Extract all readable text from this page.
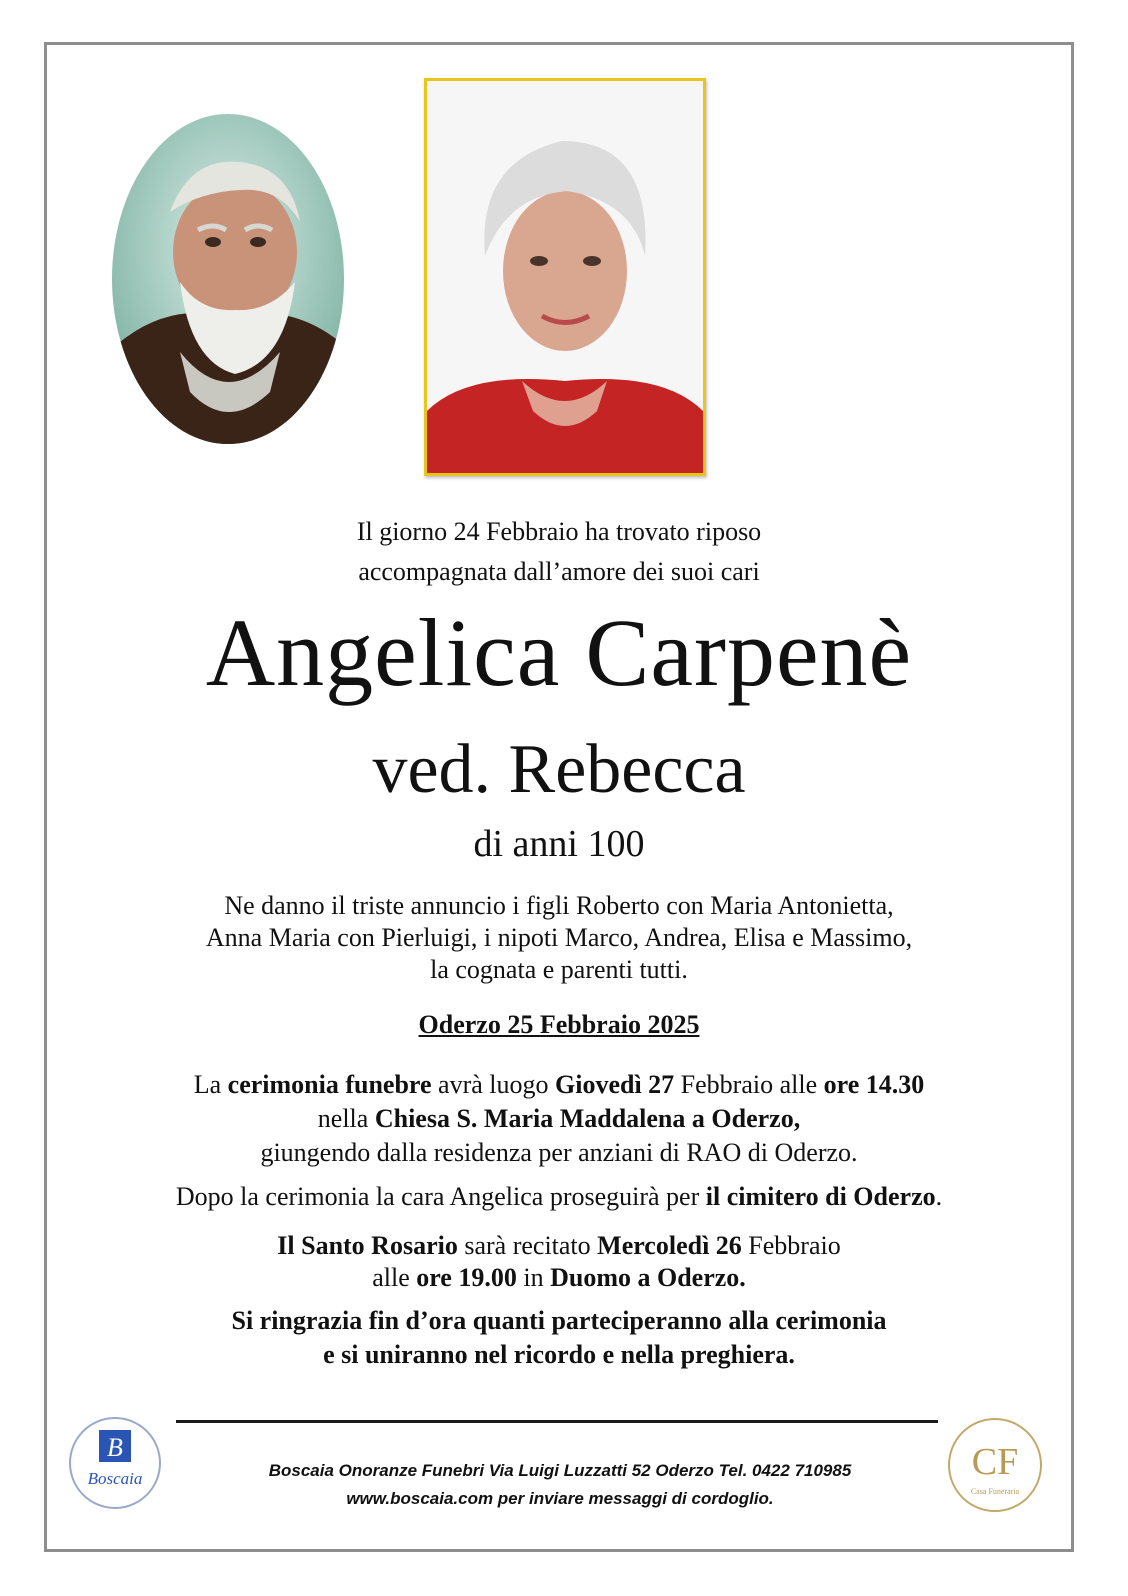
Il giorno 24 Febbraio ha trovato riposo
accompagnata dall’amore dei suoi cari
Angelica Carpenè
ved. Rebecca
di anni 100
Ne danno il triste annuncio i figli Roberto con Maria Antonietta,
Anna Maria con Pierluigi, i nipoti Marco, Andrea, Elisa e Massimo,
la cognata e parenti tutti.
Oderzo 25 Febbraio 2025
La cerimonia funebre avrà luogo Giovedì 27 Febbraio alle ore 14.30
nella Chiesa S. Maria Maddalena a Oderzo,
giungendo dalla residenza per anziani di RAO di Oderzo.
Dopo la cerimonia la cara Angelica proseguirà per il cimitero di Oderzo.
Il Santo Rosario sarà recitato Mercoledì 26 Febbraio
alle ore 19.00 in Duomo a Oderzo.
Si ringrazia fin d’ora quanti parteciperanno alla cerimonia
e si uniranno nel ricordo e nella preghiera.
B
Boscaia	Boscaia Onoranze Funebri Via Luigi Luzzatti 52 Oderzo Tel. 0422 710985
www.boscaia.com per inviare messaggi di cordoglio.
CF
Casa Funeraria
